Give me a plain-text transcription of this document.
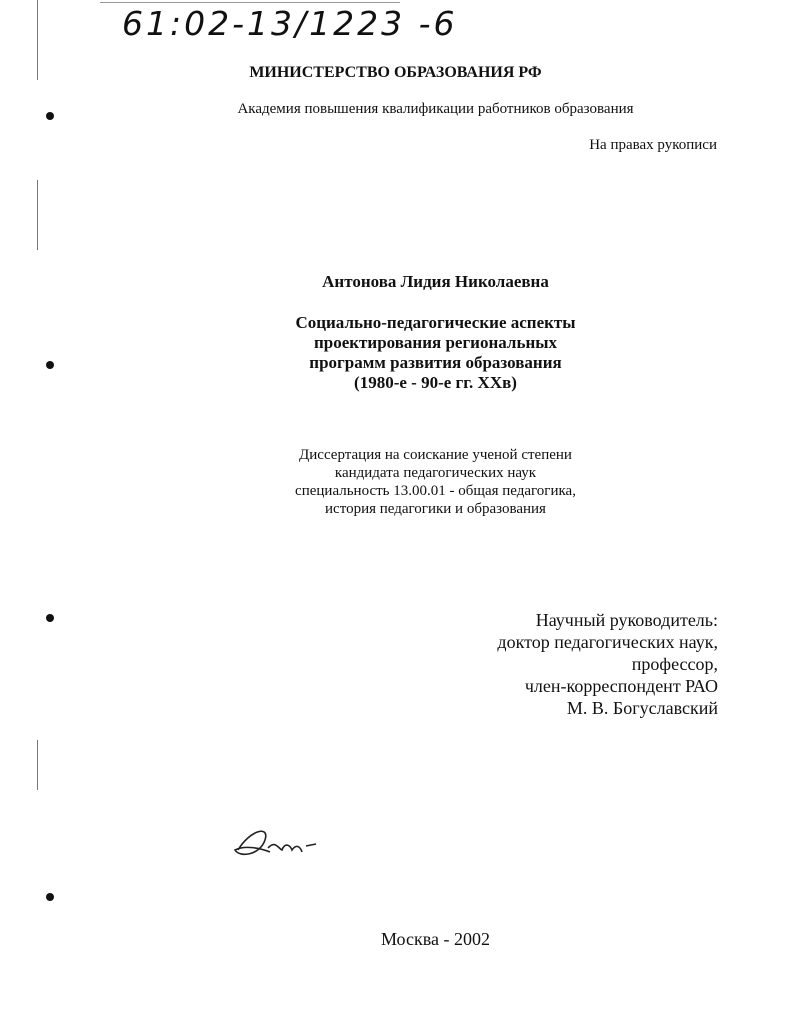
61:02-13/1223 -6
МИНИСТЕРСТВО ОБРАЗОВАНИЯ РФ
Академия повышения квалификации работников образования
На правах рукописи
Антонова Лидия Николаевна
Социально-педагогические аспекты
проектирования региональных
программ развития образования
(1980-е - 90-е гг. XXв)
Диссертация на соискание ученой степени
кандидата педагогических наук
специальность 13.00.01 - общая педагогика,
история педагогики и образования
Научный руководитель:
доктор педагогических наук,
профессор,
член-корреспондент РАО
М. В. Богуславский
Москва - 2002
